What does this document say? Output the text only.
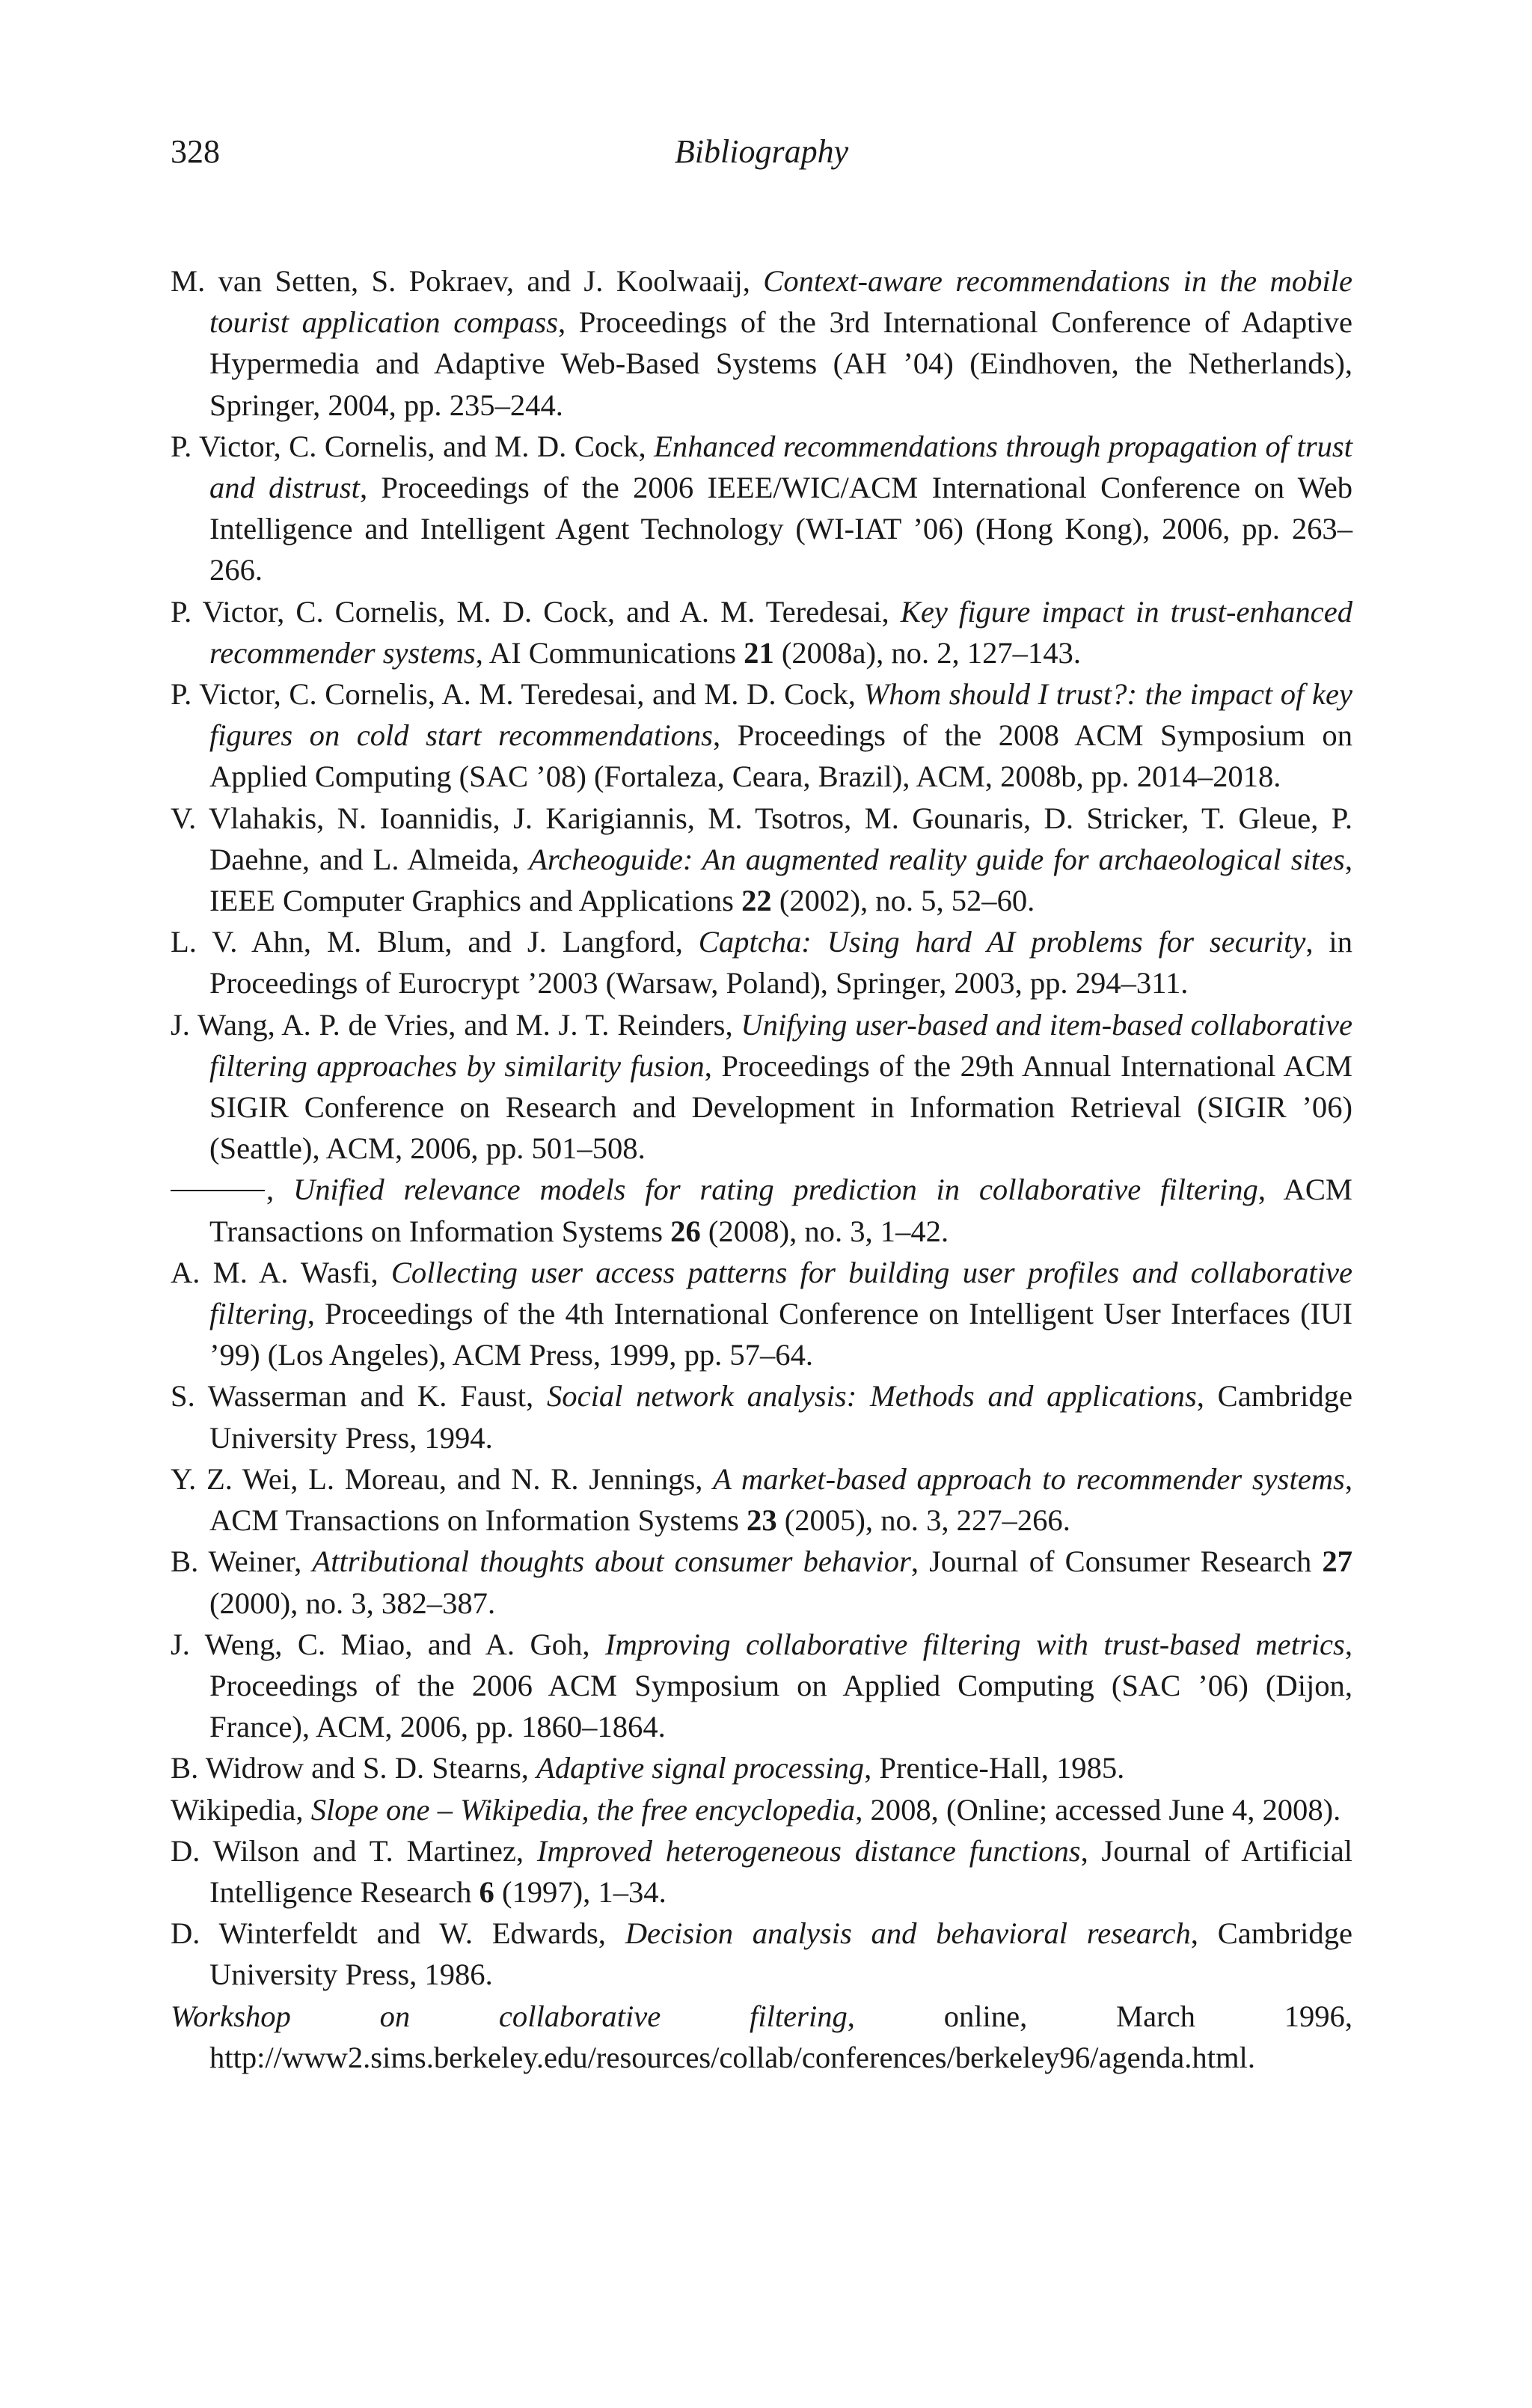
328	Bibliography
M. van Setten, S. Pokraev, and J. Koolwaaij, Context-aware recommendations in the mobile tourist application compass, Proceedings of the 3rd International Conference of Adaptive Hypermedia and Adaptive Web-Based Systems (AH ’04) (Eindhoven, the Netherlands), Springer, 2004, pp. 235–244.
P. Victor, C. Cornelis, and M. D. Cock, Enhanced recommendations through propagation of trust and distrust, Proceedings of the 2006 IEEE/WIC/ACM International Conference on Web Intelligence and Intelligent Agent Technology (WI-IAT ’06) (Hong Kong), 2006, pp. 263–266.
P. Victor, C. Cornelis, M. D. Cock, and A. M. Teredesai, Key figure impact in trust-enhanced recommender systems, AI Communications 21 (2008a), no. 2, 127–143.
P. Victor, C. Cornelis, A. M. Teredesai, and M. D. Cock, Whom should I trust?: the impact of key figures on cold start recommendations, Proceedings of the 2008 ACM Symposium on Applied Computing (SAC ’08) (Fortaleza, Ceara, Brazil), ACM, 2008b, pp. 2014–2018.
V. Vlahakis, N. Ioannidis, J. Karigiannis, M. Tsotros, M. Gounaris, D. Stricker, T. Gleue, P. Daehne, and L. Almeida, Archeoguide: An augmented reality guide for archaeological sites, IEEE Computer Graphics and Applications 22 (2002), no. 5, 52–60.
L. V. Ahn, M. Blum, and J. Langford, Captcha: Using hard AI problems for security, in Proceedings of Eurocrypt ’2003 (Warsaw, Poland), Springer, 2003, pp. 294–311.
J. Wang, A. P. de Vries, and M. J. T. Reinders, Unifying user-based and item-based collaborative filtering approaches by similarity fusion, Proceedings of the 29th Annual International ACM SIGIR Conference on Research and Development in Information Retrieval (SIGIR ’06) (Seattle), ACM, 2006, pp. 501–508.
, Unified relevance models for rating prediction in collaborative filtering, ACM Transactions on Information Systems 26 (2008), no. 3, 1–42.
A. M. A. Wasfi, Collecting user access patterns for building user profiles and collaborative filtering, Proceedings of the 4th International Conference on Intelligent User Interfaces (IUI ’99) (Los Angeles), ACM Press, 1999, pp. 57–64.
S. Wasserman and K. Faust, Social network analysis: Methods and applications, Cambridge University Press, 1994.
Y. Z. Wei, L. Moreau, and N. R. Jennings, A market-based approach to recommender systems, ACM Transactions on Information Systems 23 (2005), no. 3, 227–266.
B. Weiner, Attributional thoughts about consumer behavior, Journal of Consumer Research 27 (2000), no. 3, 382–387.
J. Weng, C. Miao, and A. Goh, Improving collaborative filtering with trust-based metrics, Proceedings of the 2006 ACM Symposium on Applied Computing (SAC ’06) (Dijon, France), ACM, 2006, pp. 1860–1864.
B. Widrow and S. D. Stearns, Adaptive signal processing, Prentice-Hall, 1985.
Wikipedia, Slope one – Wikipedia, the free encyclopedia, 2008, (Online; accessed June 4, 2008).
D. Wilson and T. Martinez, Improved heterogeneous distance functions, Journal of Artificial Intelligence Research 6 (1997), 1–34.
D. Winterfeldt and W. Edwards, Decision analysis and behavioral research, Cambridge University Press, 1986.
Workshop on collaborative filtering, online, March 1996, http://www2.sims.berkeley.edu/resources/collab/conferences/berkeley96/agenda.html.
